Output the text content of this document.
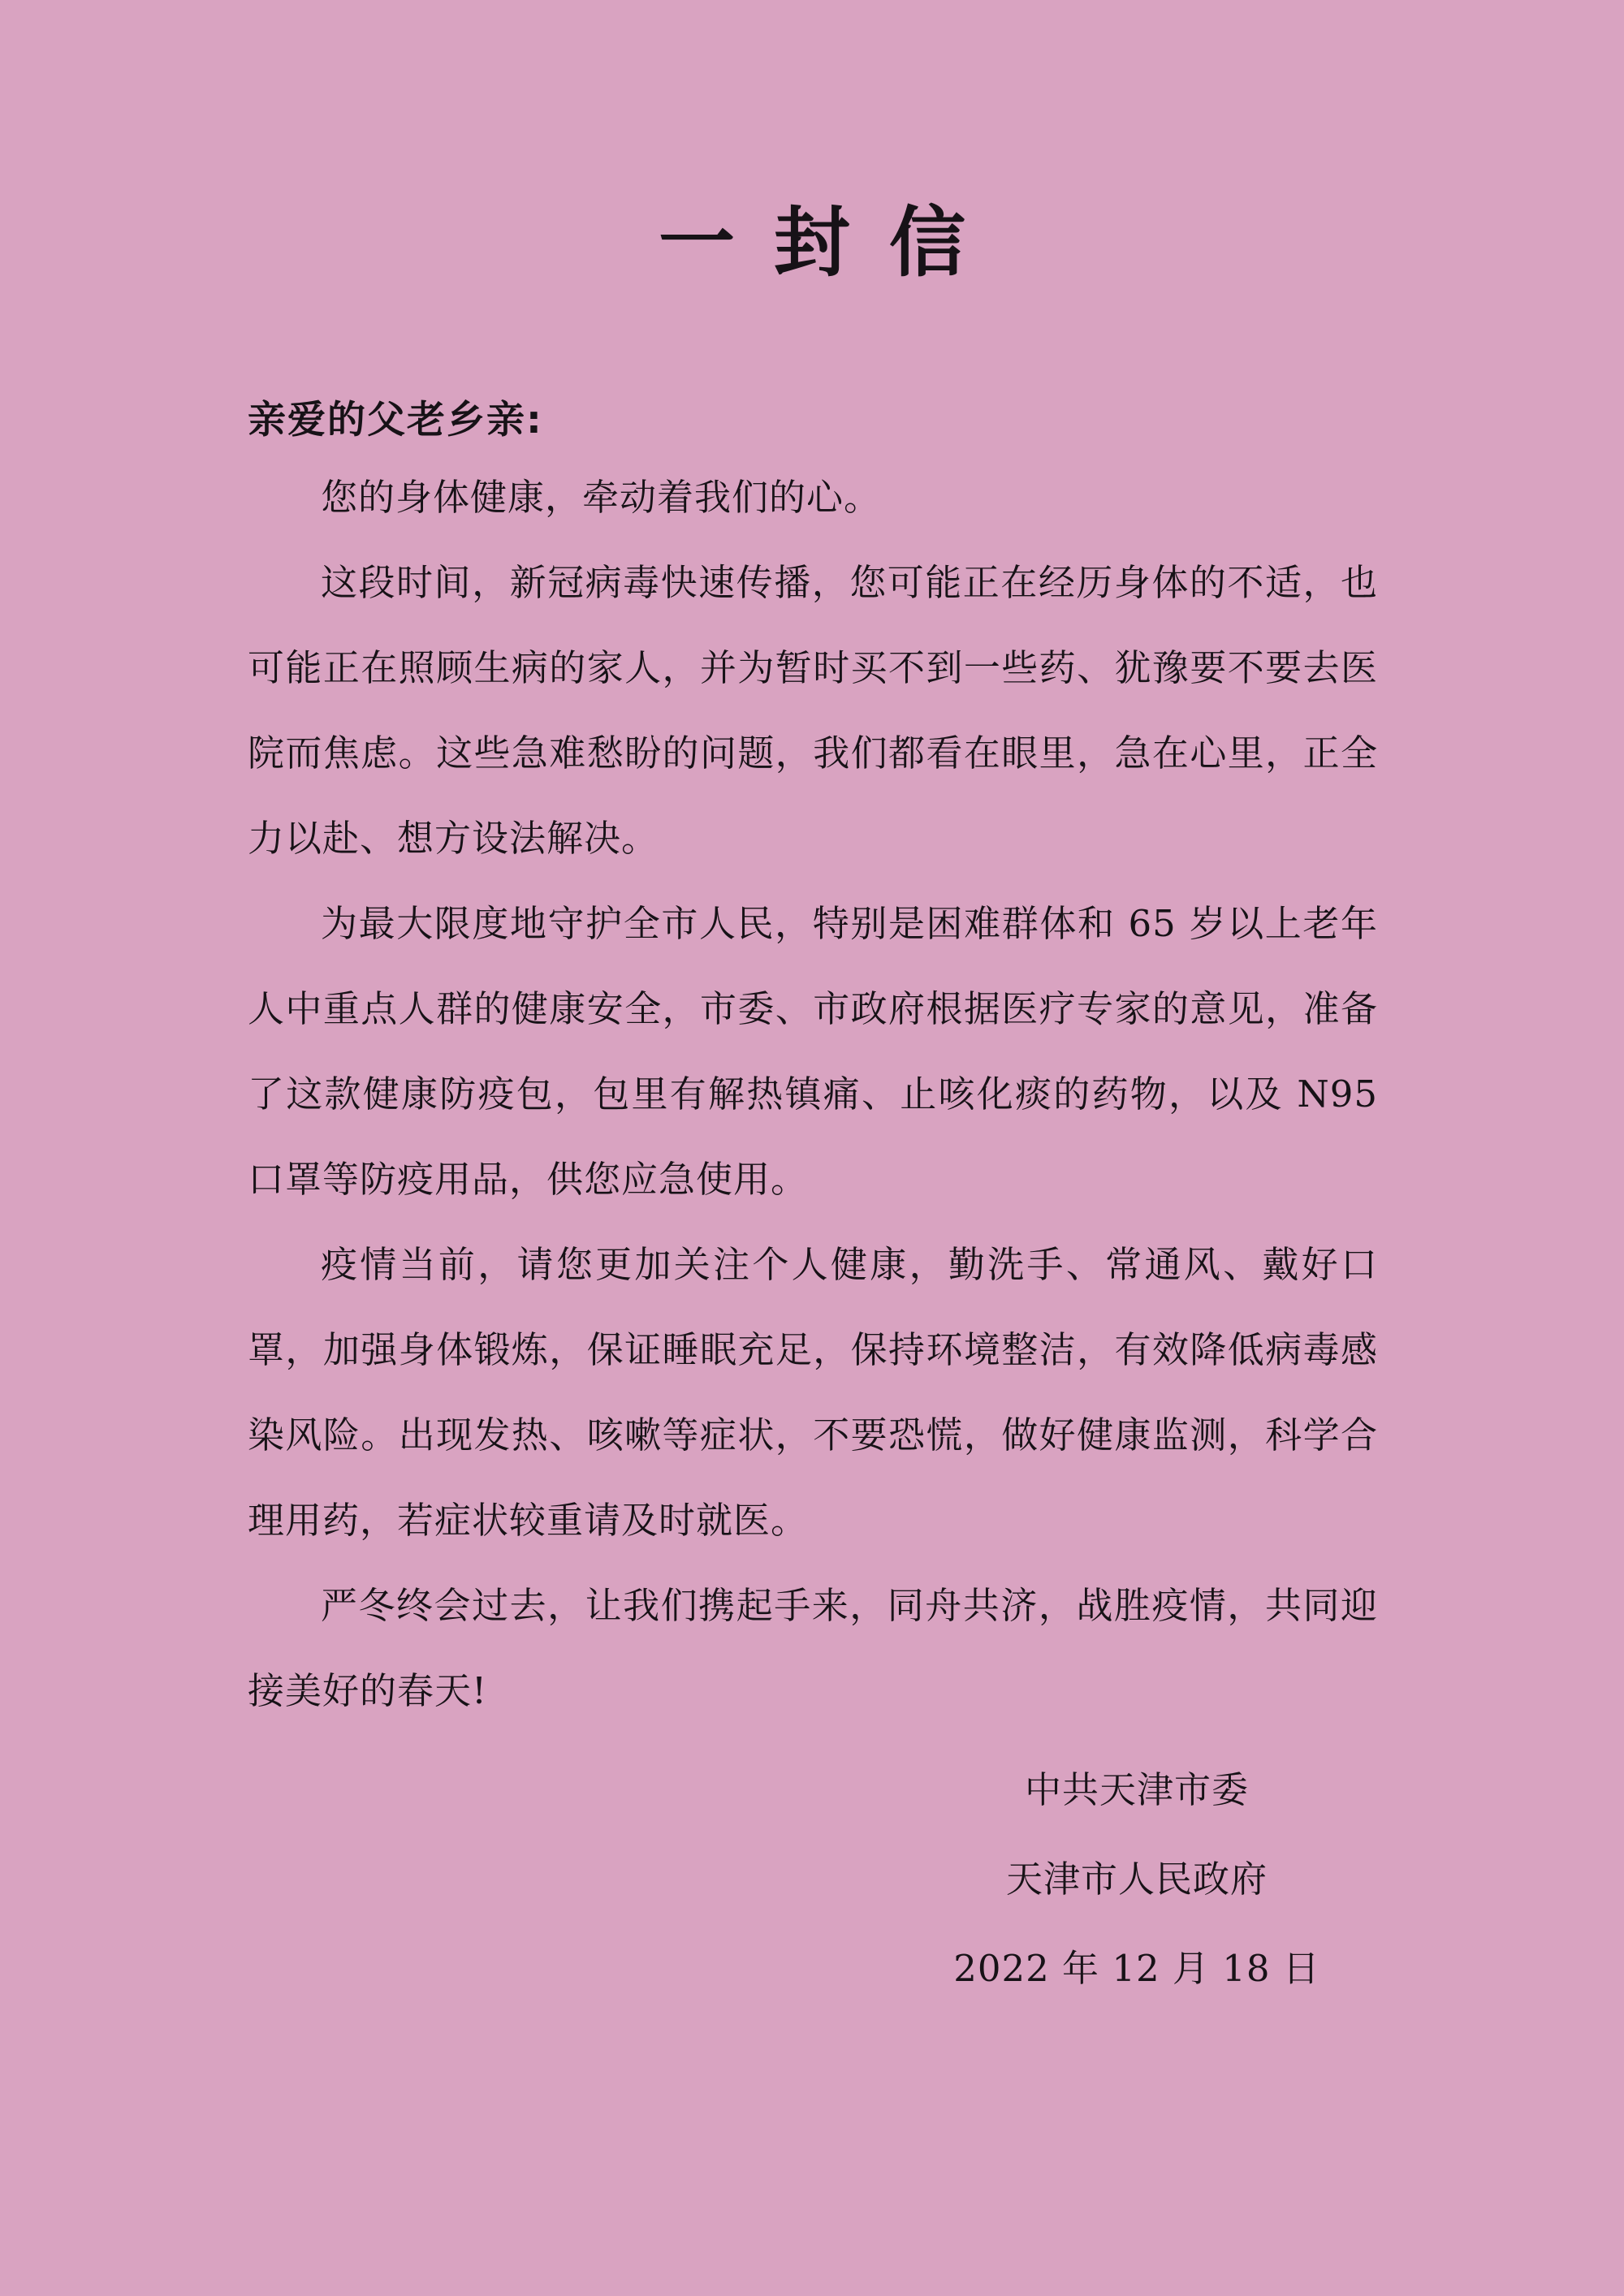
一封信

亲爱的父老乡亲:

您的身体健康，牵动着我们的心。

这段时间，新冠病毒快速传播，您可能正在经历身体的不适，也可能正在照顾生病的家人，并为暂时买不到一些药、犹豫要不要去医院而焦虑。这些急难愁盼的问题，我们都看在眼里，急在心里，正全力以赴、想方设法解决。

为最大限度地守护全市人民，特别是困难群体和 65 岁以上老年人中重点人群的健康安全，市委、市政府根据医疗专家的意见，准备了这款健康防疫包，包里有解热镇痛、止咳化痰的药物，以及 N95 口罩等防疫用品，供您应急使用。

疫情当前，请您更加关注个人健康，勤洗手、常通风、戴好口罩，加强身体锻炼，保证睡眠充足，保持环境整洁，有效降低病毒感染风险。出现发热、咳嗽等症状，不要恐慌，做好健康监测，科学合理用药，若症状较重请及时就医。

严冬终会过去，让我们携起手来，同舟共济，战胜疫情，共同迎接美好的春天!

中共天津市委
天津市人民政府
2022 年 12 月 18 日
